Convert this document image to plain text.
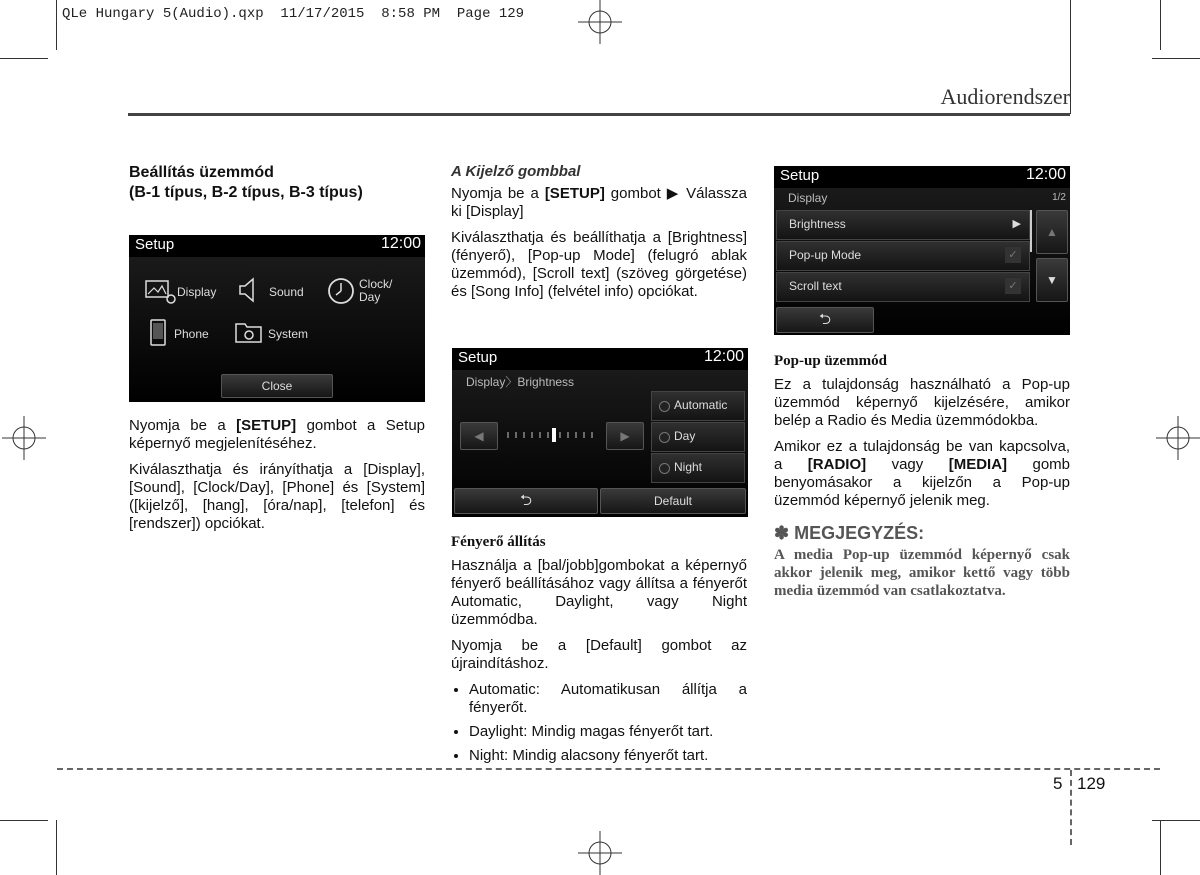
QLe Hungary 5(Audio).qxp  11/17/2015  8:58 PM  Page 129
Audiorendszer
Beállítás üzemmód
(B-1 típus, B-2 típus, B-3 típus)
Setup	12:00
Display	Sound
Clock/
Day
Phone	System
Close

Nyomja be a [SETUP] gombot a Setup képernyő megjelenítéséhez.

Kiválaszthatja és irányíthatja a [Display], [Sound], [Clock/Day], [Phone] és [System] ([kijelző], [hang], [óra/nap], [telefon] és [rendszer]) opciókat.

A Kijelző gombbal

Nyomja be a [SETUP] gombot ▶ Válassza ki [Display]

Kiválaszthatja és beállíthatja a [Brightness] (fényerő), [Pop-up Mode] (felugró ablak üzemmód), [Scroll text] (szöveg görgetése) és [Song Info] (felvétel info) opciókat.

Setup	12:00
Display〉Brightness
◀	▶
Automatic
Day
Night
⮌	Default
Fényerő állítás

Használja a [bal/jobb]gombokat a képernyő fényerő beállításához vagy állítsa a fényerőt Automatic, Daylight, vagy Night üzemmódba.

Nyomja be a [Default] gombot az újraindításhoz.

• Automatic: Automatikusan állítja a fényerőt.
• Daylight: Mindig magas fényerőt tart.
• Night: Mindig alacsony fényerőt tart.
Setup	12:00
Display	1/2
Brightness	▶
Pop-up Mode	✓
Scroll text	✓
▲
▼
⮌
Pop-up üzemmód

Ez a tulajdonság használható a Pop-up üzemmód képernyő kijelzésére, amikor belép a Radio és Media üzemmódokba.

Amikor ez a tulajdonság be van kapcsolva, a [RADIO] vagy [MEDIA] gomb benyomásakor a kijelzőn a Pop-up üzemmód képernyő jelenik meg.

✽ MEGJEGYZÉS:
A media Pop-up üzemmód képernyő csak akkor jelenik meg, amikor kettő vagy több media üzemmód van csatlakoztatva.
5 129
